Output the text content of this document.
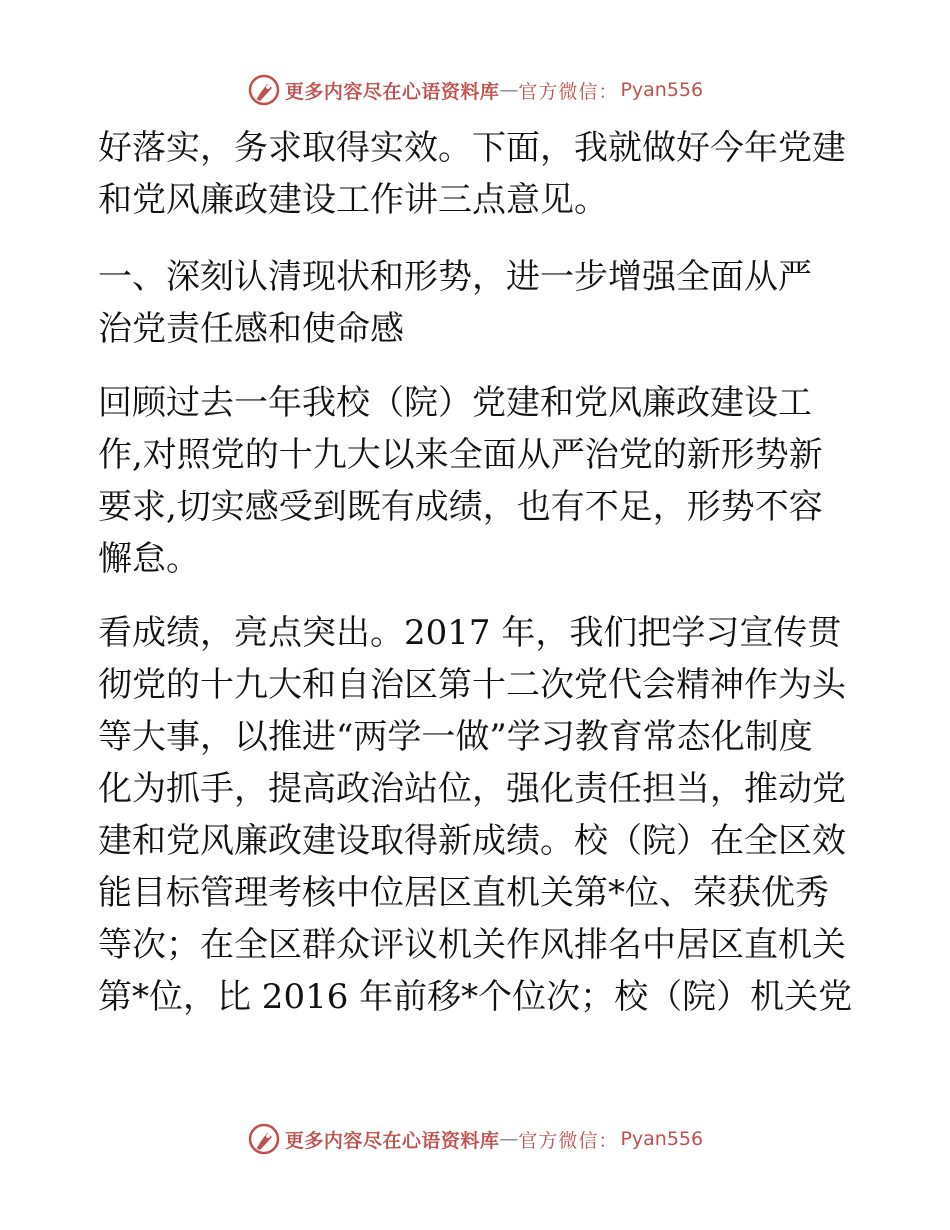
更多内容尽在心语资料库 — 官方微信： Pyan556
好落实，务求取得实效。下面，我就做好今年党建
和党风廉政建设工作讲三点意见。
一、深刻认清现状和形势，进一步增强全面从严
治党责任感和使命感
回顾过去一年我校（院）党建和党风廉政建设工
作,对照党的十九大以来全面从严治党的新形势新
要求,切实感受到既有成绩，也有不足，形势不容
懈怠。
看成绩，亮点突出。2017 年，我们把学习宣传贯
彻党的十九大和自治区第十二次党代会精神作为头
等大事，以推进“两学一做”学习教育常态化制度
化为抓手，提高政治站位，强化责任担当，推动党
建和党风廉政建设取得新成绩。校（院）在全区效
能目标管理考核中位居区直机关第*位、荣获优秀
等次；在全区群众评议机关作风排名中居区直机关
第*位，比 2016 年前移*个位次；校（院）机关党
更多内容尽在心语资料库 — 官方微信： Pyan556
